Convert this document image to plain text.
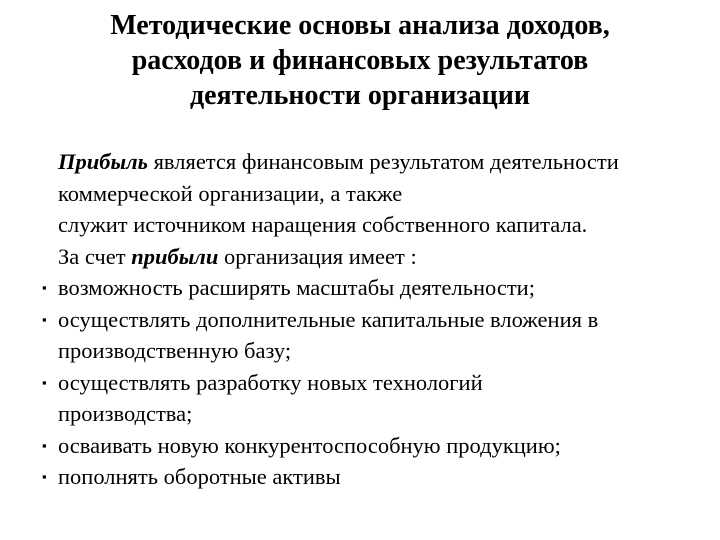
Методические основы анализа доходов,
расходов и финансовых результатов
деятельности организации
Прибыль является финансовым результатом деятельности
коммерческой организации, а также
служит источником наращения собственного капитала.
За счет прибыли организация имеет :
▪ возможность расширять масштабы деятельности;
▪ осуществлять дополнительные капитальные вложения в
производственную базу;
▪ осуществлять разработку новых технологий
производства;
▪ осваивать новую конкурентоспособную продукцию;
▪ пополнять оборотные активы
